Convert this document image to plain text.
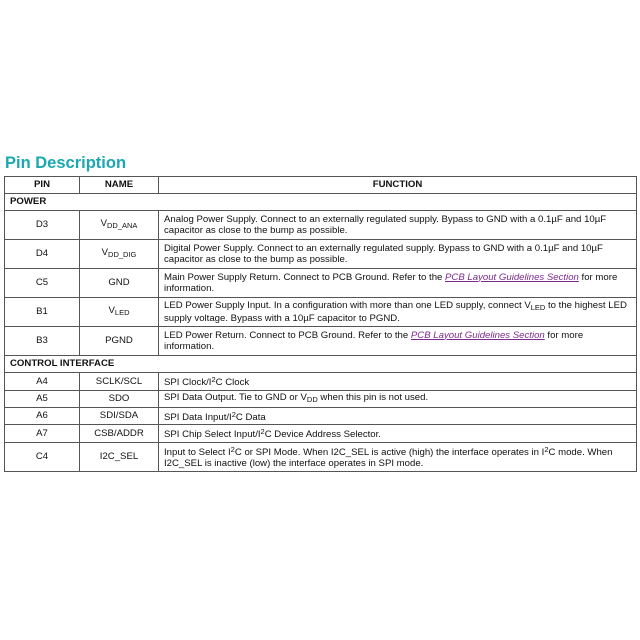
Pin Description
PIN	NAME	FUNCTION
POWER		
D3	$V_{DD\_ANA}$	Analog Power Supply. Connect to an externally regulated supply. Bypass to GND with a 0.1µF and 10µF capacitor as close to the bump as possible.
D4	$V_{DD\_DIG}$	Digital Power Supply. Connect to an externally regulated supply. Bypass to GND with a 0.1µF and 10µF capacitor as close to the bump as possible.
C5	GND	Main Power Supply Return. Connect to PCB Ground. Refer to the PCB Layout Guidelines Section for more information.
B1	$V_{LED}$	LED Power Supply Input. In a configuration with more than one LED supply, connect $V_{LED}$ to the highest LED supply voltage. Bypass with a 10µF capacitor to PGND.
B3	PGND	LED Power Return. Connect to PCB Ground. Refer to the PCB Layout Guidelines Section for more information.
CONTROL INTERFACE		
A4	SCLK/SCL	SPI Clock/$I^2C$ Clock
A5	SDO	SPI Data Output. Tie to GND or $V_{DD}$ when this pin is not used.
A6	SDI/SDA	SPI Data Input/$I^2C$ Data
A7	CSB/ADDR	SPI Chip Select Input/$I^2C$ Device Address Selector.
C4	I2C_SEL	Input to Select $I^2C$ or SPI Mode. When I2C_SEL is active (high) the interface operates in $I^2C$ mode. When I2C_SEL is inactive (low) the interface operates in SPI mode.
